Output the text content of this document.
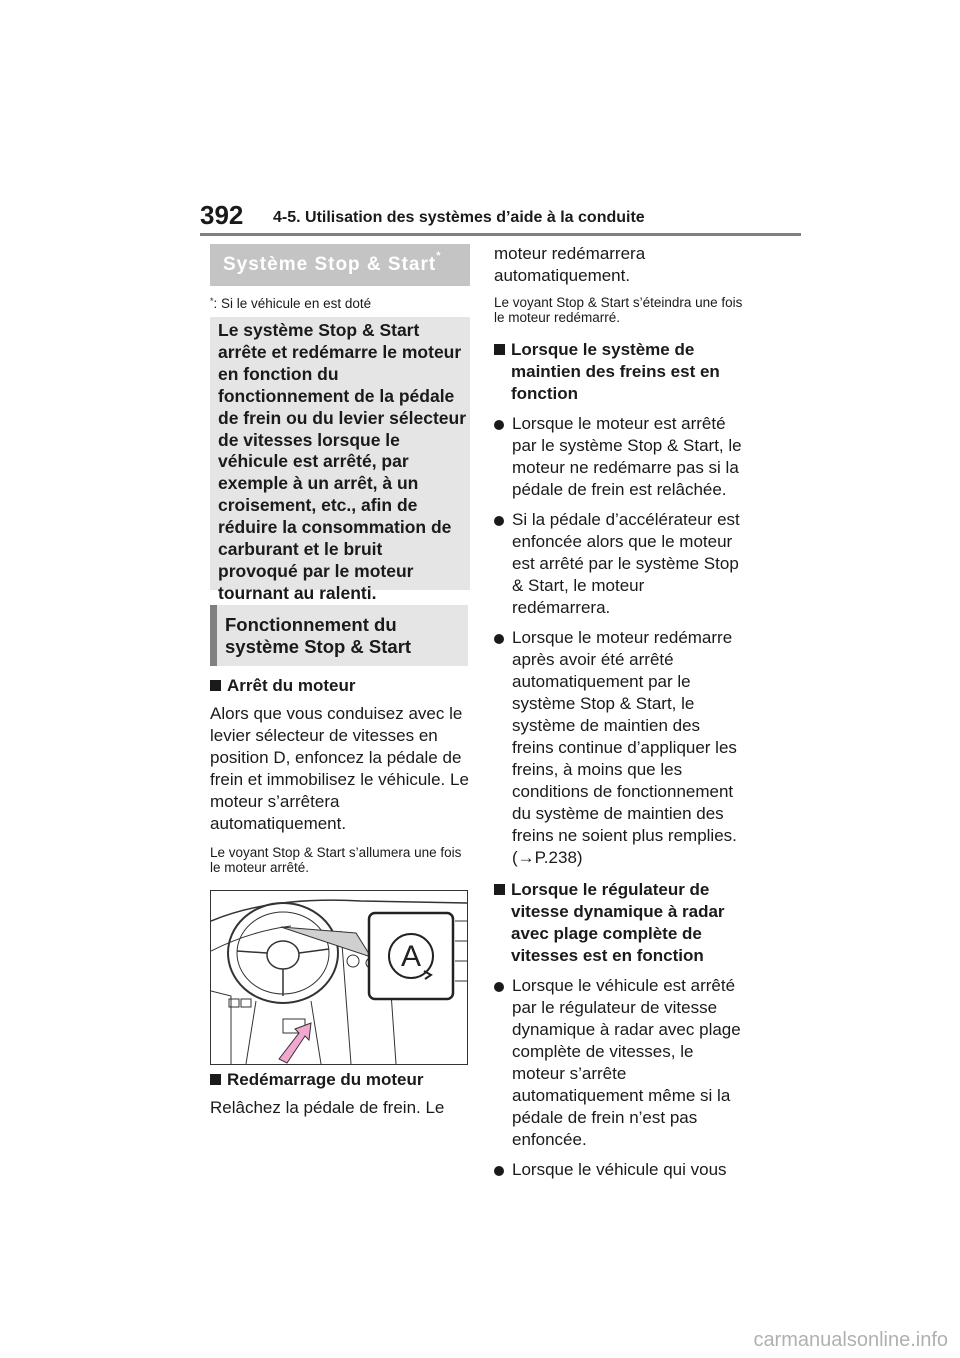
392 4-5. Utilisation des systèmes d’aide à la conduite
Système Stop & Start*
*: Si le véhicule en est doté
Le système Stop & Start arrête et redémarre le moteur en fonction du fonctionnement de la pédale de frein ou du levier sélecteur de vitesses lorsque le véhicule est arrêté, par exemple à un arrêt, à un croisement, etc., afin de réduire la consommation de carburant et le bruit provoqué par le moteur tournant au ralenti.
Fonctionnement du système Stop & Start

Arrêt du moteur

Alors que vous conduisez avec le levier sélecteur de vitesses en position D, enfoncez la pédale de frein et immobilisez le véhicule. Le moteur s’arrêtera automatiquement.

Le voyant Stop & Start s’allumera une fois le moteur arrêté.

A

Redémarrage du moteur

Relâchez la pédale de frein. Le

moteur redémarrera automatiquement.

Le voyant Stop & Start s’éteindra une fois le moteur redémarré.

Lorsque le système de maintien des freins est en fonction

Lorsque le moteur est arrêté par le système Stop & Start, le moteur ne redémarre pas si la pédale de frein est relâchée.

Si la pédale d’accélérateur est enfoncée alors que le moteur est arrêté par le système Stop & Start, le moteur redémarrera.

Lorsque le moteur redémarre après avoir été arrêté automatiquement par le système Stop & Start, le système de maintien des freins continue d’appliquer les freins, à moins que les conditions de fonctionnement du système de maintien des freins ne soient plus remplies. (→P.238)

Lorsque le régulateur de vitesse dynamique à radar avec plage complète de vitesses est en fonction

Lorsque le véhicule est arrêté par le régulateur de vitesse dynamique à radar avec plage complète de vitesses, le moteur s’arrête automatiquement même si la pédale de frein n’est pas enfoncée.

Lorsque le véhicule qui vous

carmanualsonline.info
